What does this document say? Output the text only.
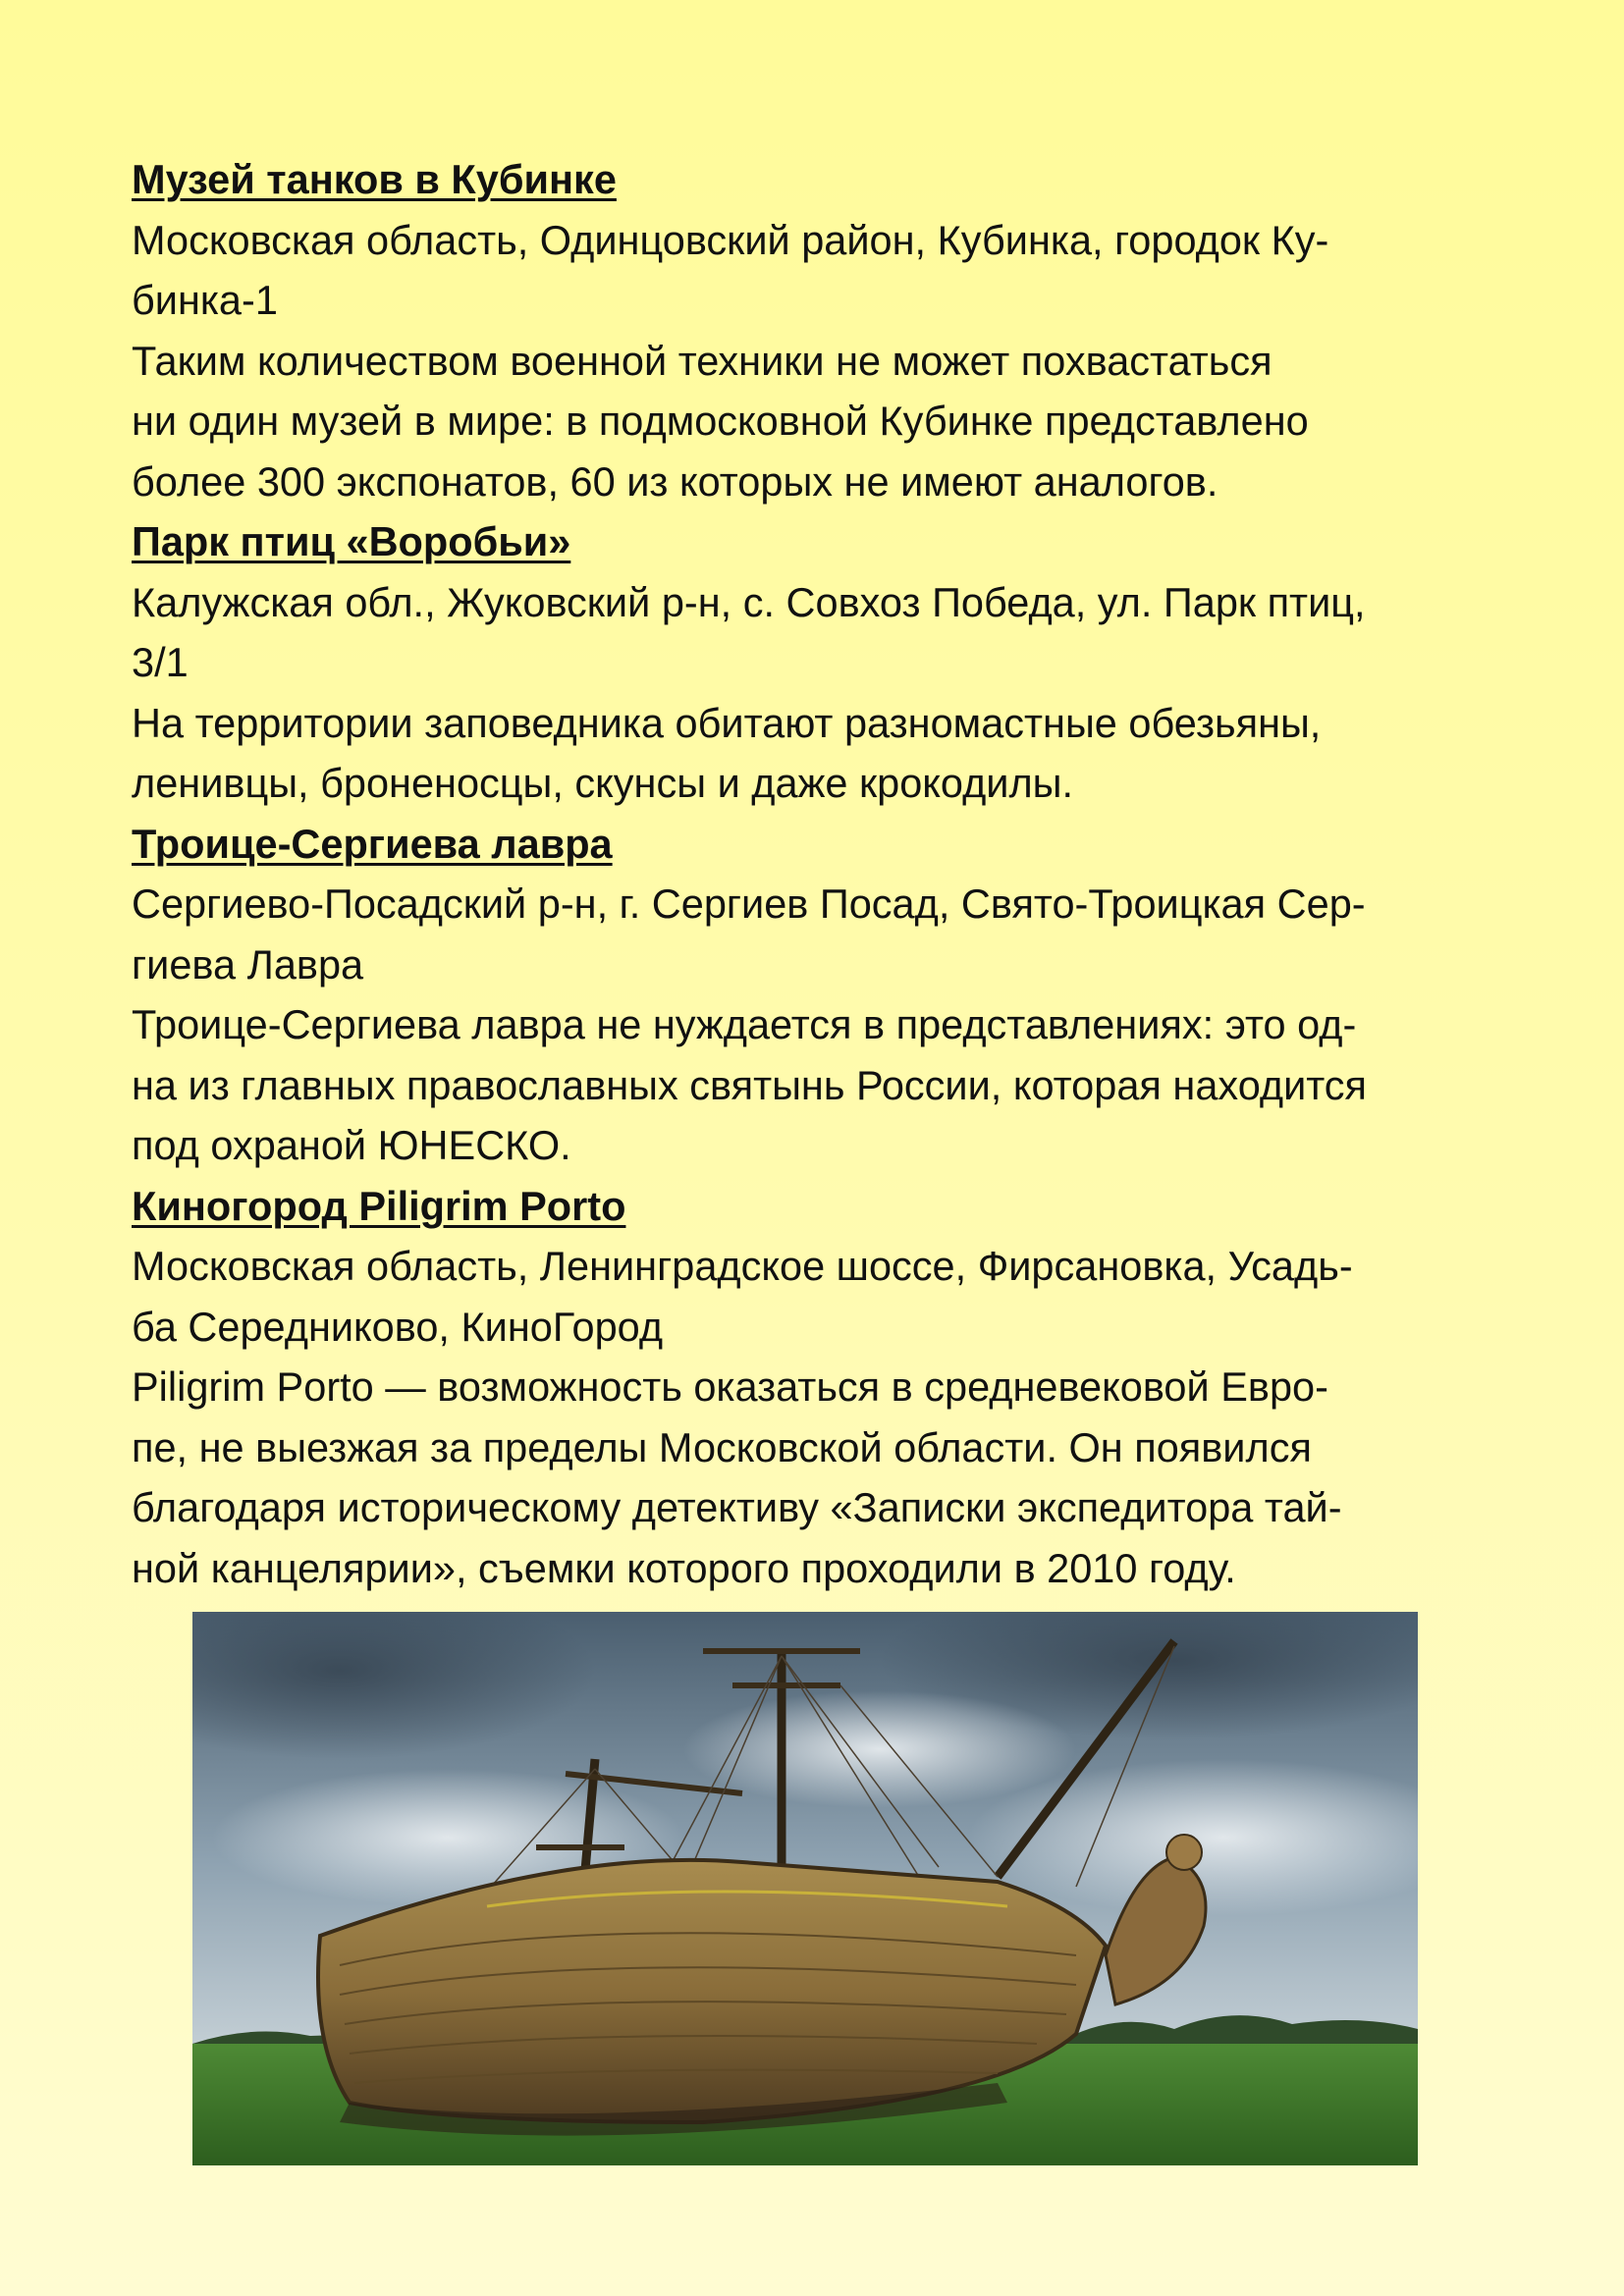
Музей танков в Кубинке

Московская область, Одинцовский район, Кубинка, городок Ку-

бинка-1

Таким количеством военной техники не может похвастаться

ни один музей в мире: в подмосковной Кубинке представлено

более 300 экспонатов, 60 из которых не имеют аналогов.

Парк птиц «Воробьи»

Калужская обл., Жуковский р-н, с. Совхоз Победа, ул. Парк птиц,

3/1

На территории заповедника обитают разномастные обезьяны,

ленивцы, броненосцы, скунсы и даже крокодилы.

Троице-Сергиева лавра

Сергиево-Посадский р-н, г. Сергиев Посад, Свято-Троицкая Сер-

гиева Лавра

Троице-Сергиева лавра не нуждается в представлениях: это од-

на из главных православных святынь России, которая находится

под охраной ЮНЕСКО.

Киногород Piligrim Porto

Московская область, Ленинградское шоссе, Фирсановка, Усадь-

ба Середниково, КиноГород

Piligrim Porto — возможность оказаться в средневековой Евро-

пе, не выезжая за пределы Московской области. Он появился

благодаря историческому детективу «Записки экспедитора тай-

ной канцелярии», съемки которого проходили в 2010 году.
